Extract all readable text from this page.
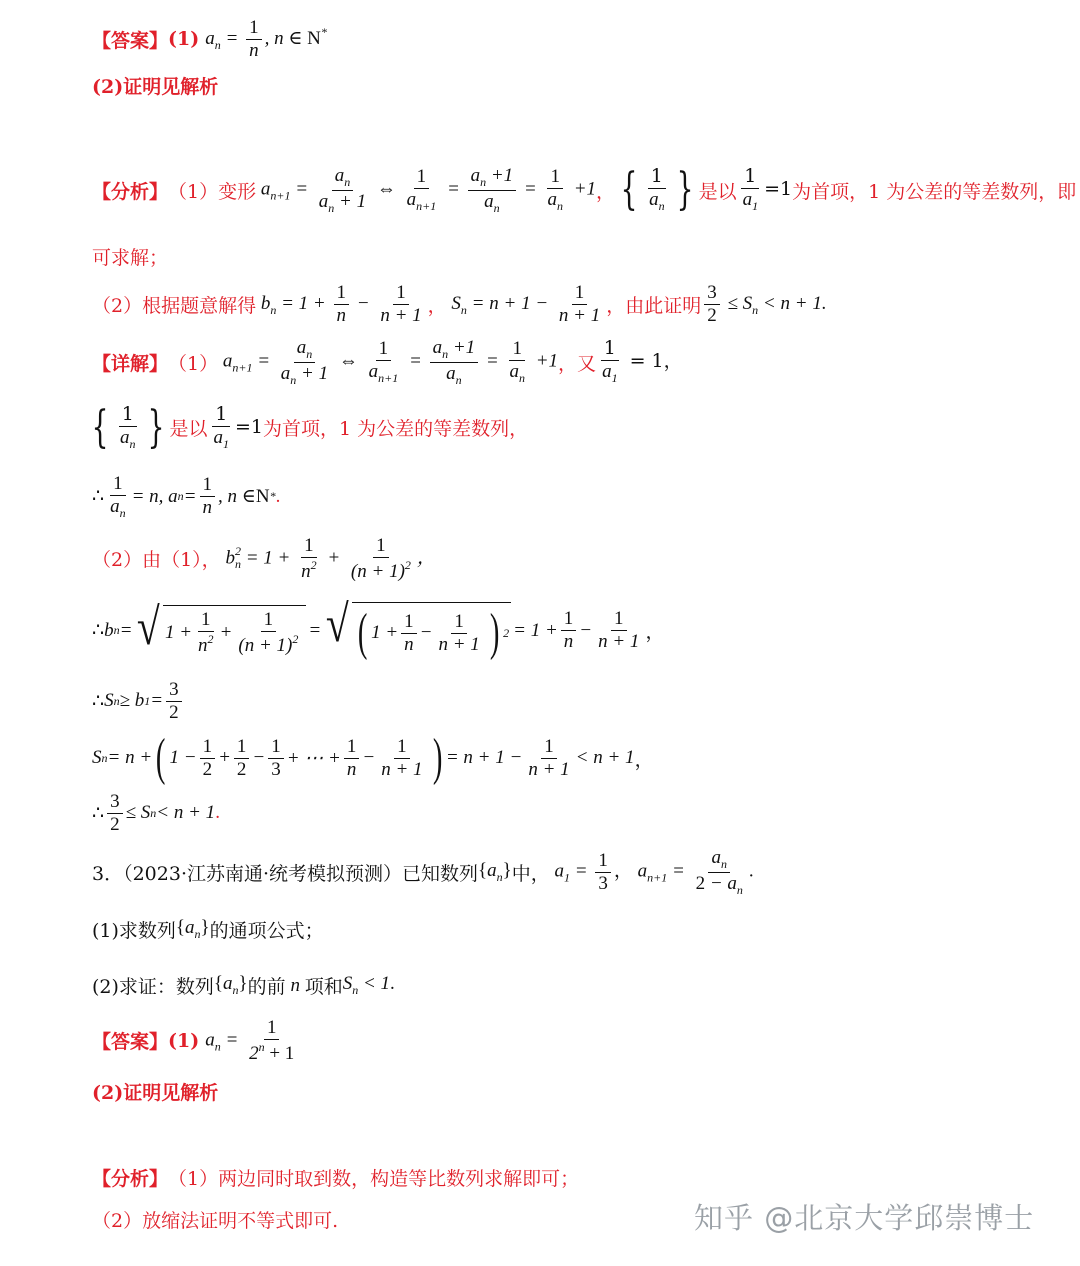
【答案】 (1)
$a_n = \frac{1}{n}$ , n ∈ N*
(2)证明见解析
【分析】 （1）变形 $a_{n+1} = \frac{a_n}{a_n + 1}$ ⇔ $\frac{1}{a_{n+1}} = \frac{a_n +1}{a_n} = \frac{1}{a_n} +1$ ， { $\frac{1}{a_n}$ } 是以 $\frac{1}{a_1} =1$ 为首项，1 为公差的等差数列，即
可求解；
（2）根据题意解得 $b_n = 1 + \frac{1}{n} - \frac{1}{n + 1}$ ， $S_n = n + 1 - \frac{1}{n + 1}$ ，由此证明 $\frac{3}{2} \le S_n < n + 1$.
【详解】 （1） $a_{n+1} = \frac{a_n}{a_n + 1}$ ⇔ $\frac{1}{a_{n+1}} = \frac{a_n +1}{a_n} = \frac{1}{a_n} +1$ ，又 $\frac{1}{a_1} = 1$，
{ $\frac{1}{a_n}$ } 是以 $\frac{1}{a_1} =1$ 为首项，1 为公差的等差数列，
∴ $\frac{1}{a_n} = n$, a $n = \frac{1}{n}$ , n ∈ N * .
（2）由（1）， $b_n^2 = 1 + \frac{1}{n^2} + \frac{1}{(n + 1)^2}$ ，
∴ b n = √ $1 + \frac{1}{n^2} + \frac{1}{(n + 1)^2}$ = √ ( $1 + \frac{1}{n} - \frac{1}{n + 1}$ ) $2 = 1 + \frac{1}{n} - \frac{1}{n + 1}$ ，
∴ S n ≥ b $1 = \frac{3}{2}$
S n = n + ( $1 - \frac{1}{2} + \frac{1}{2} - \frac{1}{3}$ + ⋯ + $\frac{1}{n} - \frac{1}{n + 1}$ ) = $n + 1 - \frac{1}{n + 1} < n + 1$ ，
∴ $\frac{3}{2} \le S$ n < n + 1 .
3．（2023·江苏南通·统考模拟预测）已知数列 $\{a_n\}$ 中， $a_1 = \frac{1}{3}$ ， $a_{n+1} = \frac{a_n}{2 - a_n}$ .
(1)求数列 $\{a_n\}$ 的通项公式；
(2)求证：数列 $\{a_n\}$ 的前 n 项和 $S_n < 1$.
【答案】 (1)
$a_n = \frac{1}{2^n + 1}$
(2)证明见解析
【分析】 （1）两边同时取到数，构造等比数列求解即可；
（2）放缩法证明不等式即可.	知乎 @北京大学邱崇博士
